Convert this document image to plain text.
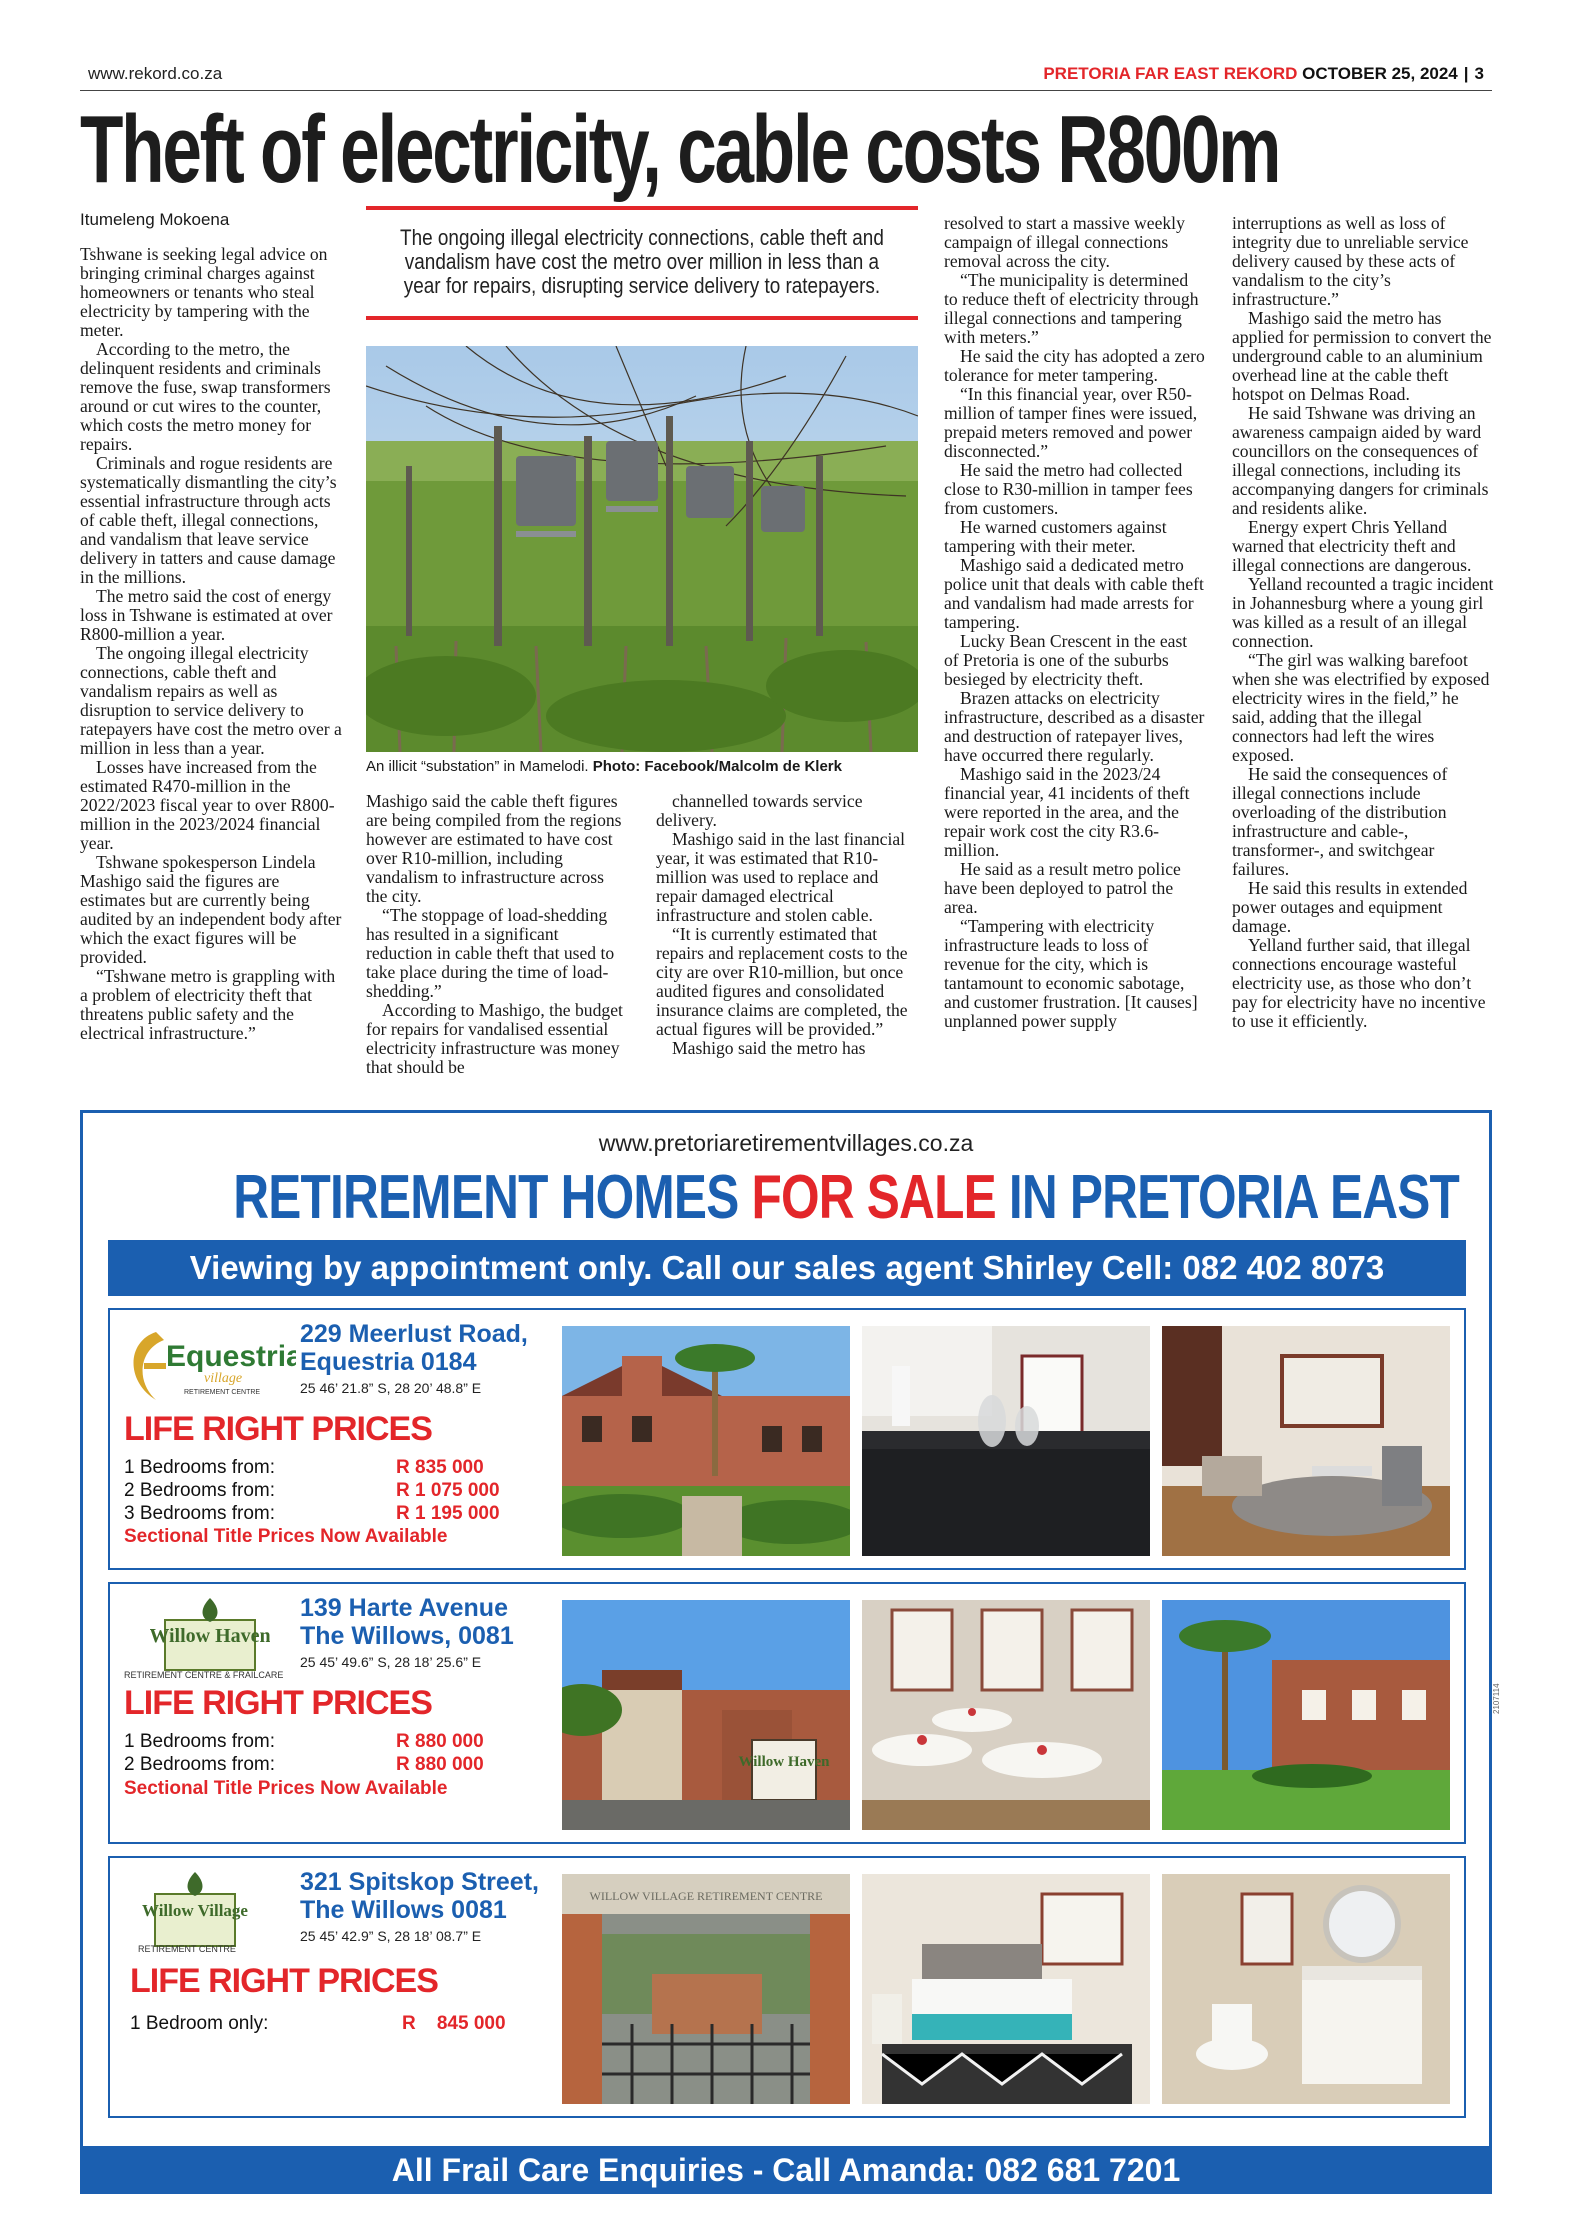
www.rekord.co.za	PRETORIA FAR EAST REKORD OCTOBER 25, 2024 | 3
Theft of electricity, cable costs R800m

Itumeleng Mokoena

Tshwane is seeking legal advice on bringing criminal charges against homeowners or tenants who steal electricity by tampering with the meter.

According to the metro, the delinquent residents and criminals remove the fuse, swap transformers around or cut wires to the counter, which costs the metro money for repairs.

Criminals and rogue residents are systematically dismantling the city’s essential infrastructure through acts of cable theft, illegal connections, and vandalism that leave service delivery in tatters and cause damage in the millions.

The metro said the cost of energy loss in Tshwane is estimated at over R800-million a year.

The ongoing illegal electricity connections, cable theft and vandalism repairs as well as disruption to service delivery to ratepayers have cost the metro over a million in less than a year.

Losses have increased from the estimated R470-million in the 2022/2023 fiscal year to over R800-million in the 2023/2024 financial year.

Tshwane spokesperson Lindela Mashigo said the figures are estimates but are currently being audited by an independent body after which the exact figures will be provided.

“Tshwane metro is grappling with a problem of electricity theft that threatens public safety and the electrical infrastructure.”

The ongoing illegal electricity connections, cable theft and vandalism have cost the metro over million in less than a year for repairs, disrupting service delivery to ratepayers.
An illicit “substation” in Mamelodi. Photo: Facebook/Malcolm de Klerk

Mashigo said the cable theft figures are being compiled from the regions however are estimated to have cost over R10-million, including vandalism to infrastructure across the city.

“The stoppage of load-shedding has resulted in a significant reduction in cable theft that used to take place during the time of load-shedding.”

According to Mashigo, the budget for repairs for vandalised essential electricity infrastructure was money that should be

channelled towards service delivery.

Mashigo said in the last financial year, it was estimated that R10-million was used to replace and repair damaged electrical infrastructure and stolen cable.

“It is currently estimated that repairs and replacement costs to the city are over R10-million, but once audited figures and consolidated insurance claims are completed, the actual figures will be provided.”

Mashigo said the metro has

resolved to start a massive weekly campaign of illegal connections removal across the city.

“The municipality is determined to reduce theft of electricity through illegal connections and tampering with meters.”

He said the city has adopted a zero tolerance for meter tampering.

“In this financial year, over R50-million of tamper fines were issued, prepaid meters removed and power disconnected.”

He said the metro had collected close to R30-million in tamper fees from customers.

He warned customers against tampering with their meter.

Mashigo said a dedicated metro police unit that deals with cable theft and vandalism had made arrests for tampering.

Lucky Bean Crescent in the east of Pretoria is one of the suburbs besieged by electricity theft.

Brazen attacks on electricity infrastructure, described as a disaster and destruction of ratepayer lives, have occurred there regularly.

Mashigo said in the 2023/24 financial year, 41 incidents of theft were reported in the area, and the repair work cost the city R3.6-million.

He said as a result metro police have been deployed to patrol the area.

“Tampering with electricity infrastructure leads to loss of revenue for the city, which is tantamount to economic sabotage, and customer frustration. [It causes] unplanned power supply

interruptions as well as loss of integrity due to unreliable service delivery caused by these acts of vandalism to the city’s infrastructure.”

Mashigo said the metro has applied for permission to convert the underground cable to an aluminium overhead line at the cable theft hotspot on Delmas Road.

He said Tshwane was driving an awareness campaign aided by ward councillors on the consequences of illegal connections, including its accompanying dangers for criminals and residents alike.

Energy expert Chris Yelland warned that electricity theft and illegal connections are dangerous.

Yelland recounted a tragic incident in Johannesburg where a young girl was killed as a result of an illegal connection.

“The girl was walking barefoot when she was electrified by exposed electricity wires in the field,” he said, adding that the illegal connectors had left the wires exposed.

He said the consequences of illegal connections include overloading of the distribution infrastructure and cable-, transformer-, and switchgear failures.

He said this results in extended power outages and equipment damage.

Yelland further said, that illegal connections encourage wasteful electricity use, as those who don’t pay for electricity have no incentive to use it efficiently.

www.pretoriaretirementvillages.co.za
RETIREMENT HOMES FOR SALE IN PRETORIA EAST
Viewing by appointment only. Call our sales agent Shirley Cell: 082 402 8073
Equestria
village
RETIREMENT CENTRE
229 Meerlust Road,
Equestria 0184
25 46’ 21.8” S, 28 20’ 48.8” E
LIFE RIGHT PRICES
1 Bedrooms from:	R 835 000
2 Bedrooms from:	R 1 075 000
3 Bedrooms from:	R 1 195 000
Sectional Title Prices Now Available
Willow Haven
RETIREMENT CENTRE & FRAILCARE
139 Harte Avenue
The Willows, 0081
25 45’ 49.6” S, 28 18’ 25.6” E
LIFE RIGHT PRICES
1 Bedrooms from:	R 880 000
2 Bedrooms from:	R 880 000
Sectional Title Prices Now Available
Willow Haven
Willow Village
RETIREMENT CENTRE
321 Spitskop Street,
The Willows 0081
25 45’ 42.9” S, 28 18’ 08.7” E
LIFE RIGHT PRICES
1 Bedroom only:	R    845 000
WILLOW VILLAGE RETIREMENT CENTRE
All Frail Care Enquiries - Call Amanda: 082 681 7201
2107114
